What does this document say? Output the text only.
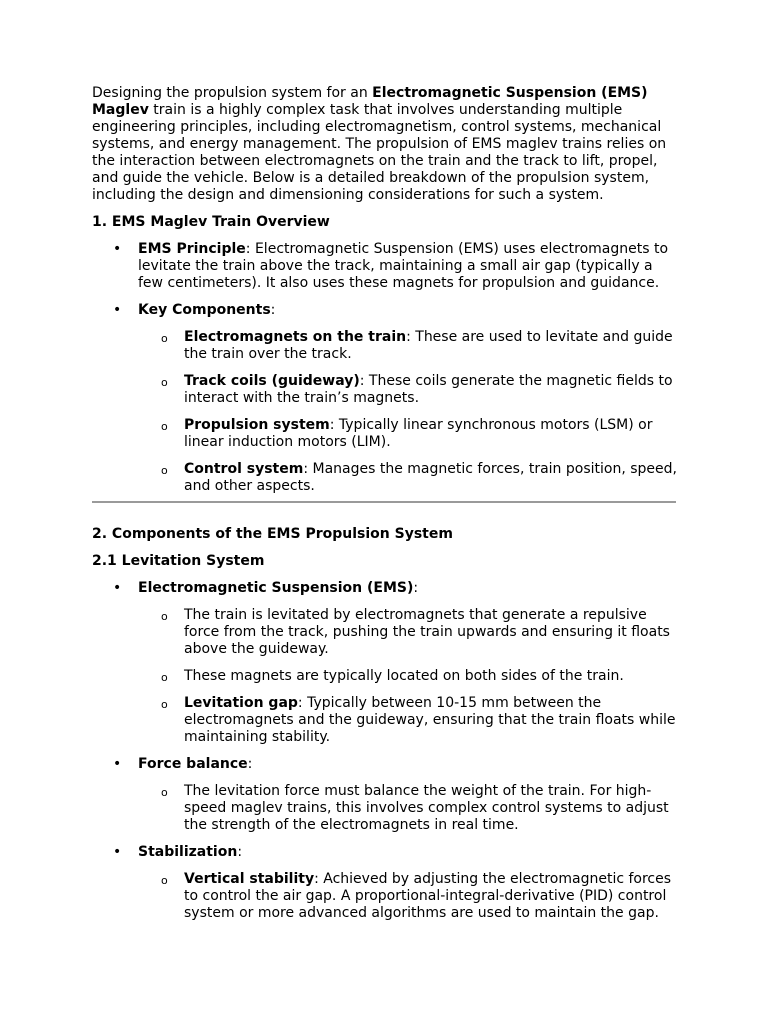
Designing the propulsion system for an Electromagnetic Suspension (EMS) Maglev train is a highly complex task that involves understanding multiple engineering principles, including electromagnetism, control systems, mechanical systems, and energy management. The propulsion of EMS maglev trains relies on the interaction between electromagnets on the train and the track to lift, propel, and guide the vehicle. Below is a detailed breakdown of the propulsion system, including the design and dimensioning considerations for such a system.

1. EMS Maglev Train Overview

• EMS Principle: Electromagnetic Suspension (EMS) uses electromagnets to levitate the train above the track, maintaining a small air gap (typically a few centimeters). It also uses these magnets for propulsion and guidance.
• Key Components:
o Electromagnets on the train: These are used to levitate and guide the train over the track.
o Track coils (guideway): These coils generate the magnetic fields to interact with the train’s magnets.
o Propulsion system: Typically linear synchronous motors (LSM) or linear induction motors (LIM).
o Control system: Manages the magnetic forces, train position, speed, and other aspects.

2. Components of the EMS Propulsion System

2.1 Levitation System

• Electromagnetic Suspension (EMS):
o The train is levitated by electromagnets that generate a repulsive force from the track, pushing the train upwards and ensuring it floats above the guideway.
o These magnets are typically located on both sides of the train.
o Levitation gap: Typically between 10-15 mm between the electromagnets and the guideway, ensuring that the train floats while maintaining stability.
• Force balance:
o The levitation force must balance the weight of the train. For high-speed maglev trains, this involves complex control systems to adjust the strength of the electromagnets in real time.
• Stabilization:
o Vertical stability: Achieved by adjusting the electromagnetic forces to control the air gap. A proportional-integral-derivative (PID) control system or more advanced algorithms are used to maintain the gap.
